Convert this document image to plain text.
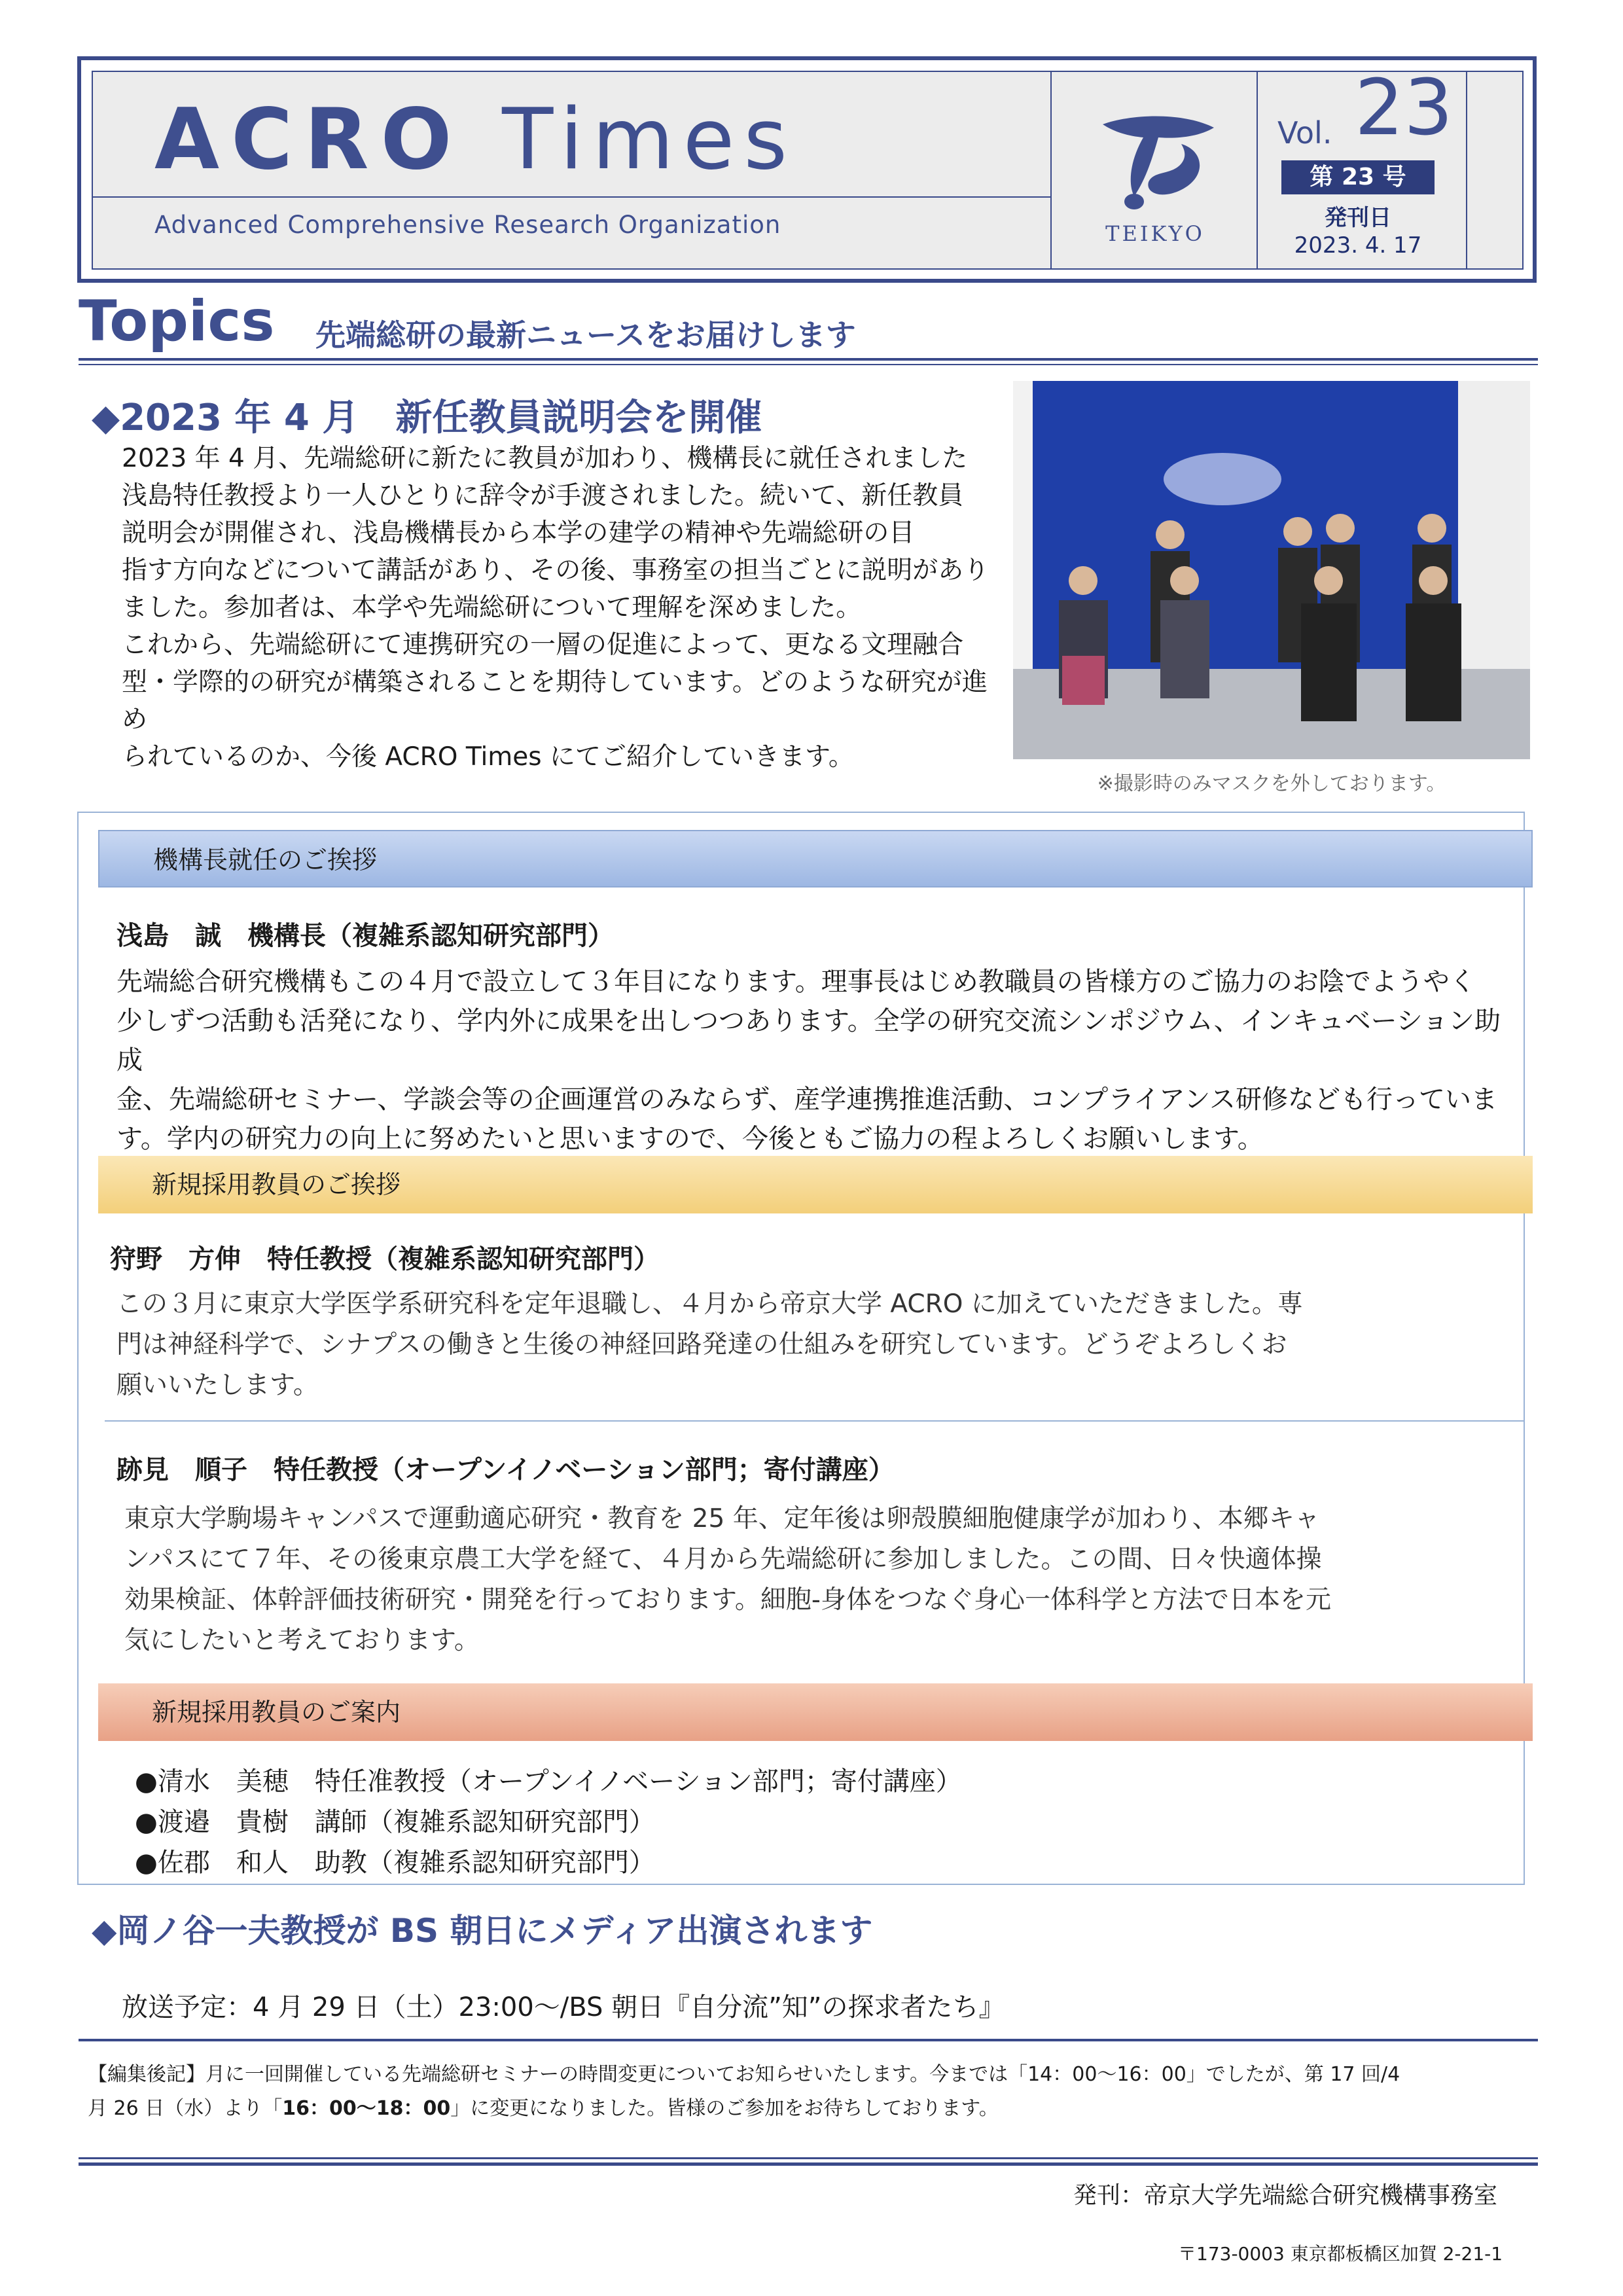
ACRO Times
Advanced Comprehensive Research Organization	TEIKYO
Vol. 23
第 23 号
発刊日
2023. 4. 17
Topics 先端総研の最新ニュースをお届けします
◆2023 年 4 月　新任教員説明会を開催
2023 年 4 月、先端総研に新たに教員が加わり、機構長に就任されました
浅島特任教授より一人ひとりに辞令が手渡されました。続いて、新任教員
説明会が開催され、浅島機構長から本学の建学の精神や先端総研の目
指す方向などについて講話があり、その後、事務室の担当ごとに説明があり
ました。参加者は、本学や先端総研について理解を深めました。
これから、先端総研にて連携研究の一層の促進によって、更なる文理融合
型・学際的の研究が構築されることを期待しています。どのような研究が進め
られているのか、今後 ACRO Times にてご紹介していきます。
※撮影時のみマスクを外しております。
機構長就任のご挨拶
浅島　誠　機構長（複雑系認知研究部門）
先端総合研究機構もこの４月で設立して３年目になります。理事長はじめ教職員の皆様方のご協力のお陰でようやく
少しずつ活動も活発になり、学内外に成果を出しつつあります。全学の研究交流シンポジウム、インキュベーション助成
金、先端総研セミナー、学談会等の企画運営のみならず、産学連携推進活動、コンプライアンス研修なども行っていま
す。学内の研究力の向上に努めたいと思いますので、今後ともご協力の程よろしくお願いします。
新規採用教員のご挨拶
狩野　方伸　特任教授（複雑系認知研究部門）
この３月に東京大学医学系研究科を定年退職し、４月から帝京大学 ACRO に加えていただきました。専
門は神経科学で、シナプスの働きと生後の神経回路発達の仕組みを研究しています。どうぞよろしくお
願いいたします。
跡見　順子　特任教授（オープンイノベーション部門；寄付講座）
東京大学駒場キャンパスで運動適応研究・教育を 25 年、定年後は卵殻膜細胞健康学が加わり、本郷キャ
ンパスにて７年、その後東京農工大学を経て、４月から先端総研に参加しました。この間、日々快適体操
効果検証、体幹評価技術研究・開発を行っております。細胞-身体をつなぐ身心一体科学と方法で日本を元
気にしたいと考えております。
新規採用教員のご案内
●清水　美穂　特任准教授（オープンイノベーション部門；寄付講座）
●渡邉　貴樹　講師（複雑系認知研究部門）
●佐郡　和人　助教（複雑系認知研究部門）
◆岡ノ谷一夫教授が BS 朝日にメディア出演されます
放送予定：4 月 29 日（土）23:00～/BS 朝日『自分流”知”の探求者たち』
【編集後記】月に一回開催している先端総研セミナーの時間変更についてお知らせいたします。今までは「14：00～16：00」でしたが、第 17 回/4
月 26 日（水）より「16：00～18：00」に変更になりました。皆様のご参加をお待ちしております。
発刊：帝京大学先端総合研究機構事務室
〒173-0003 東京都板橋区加賀 2-21-1
